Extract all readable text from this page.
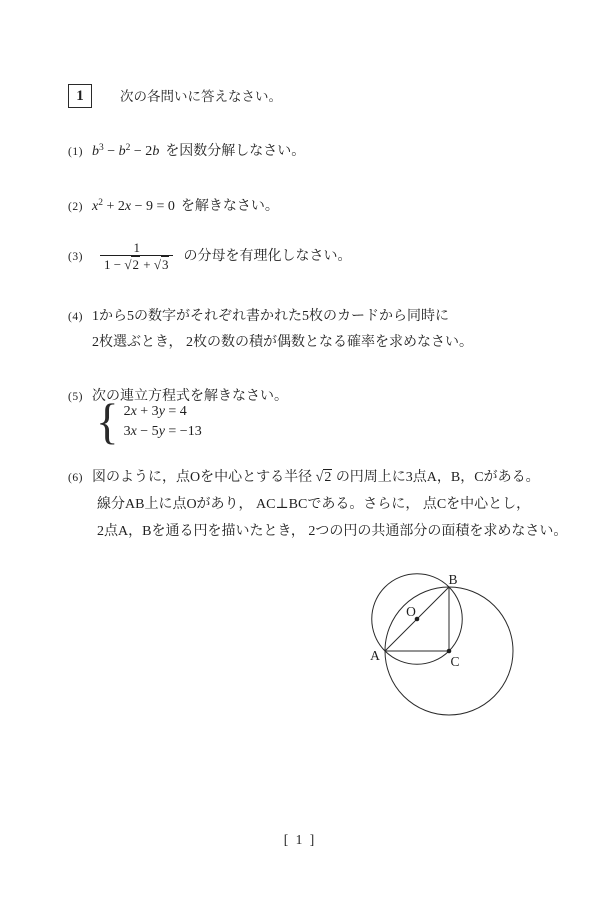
1	次の各問いに答えなさい。
(1) $b^3 - b^2 - 2b$ を因数分解しなさい。
(2) $x^2 + 2x - 9 = 0$ を解きなさい。
(3)	$\frac{1}{1 - √2 + √3}$ の分母を有理化しなさい。
(4) 1から5の数字がそれぞれ書かれた5枚のカードから同時に
2枚選ぶとき， 2枚の数の積が偶数となる確率を求めなさい。
(5) 次の連立方程式を解きなさい。
{ 2x + 3y = 4
3x − 5y = −13
(6) 図のように，点Oを中心とする半径 √2 の円周上に3点A，B，Cがある。
線分AB上に点Oがあり， AC⊥BCである。さらに， 点Cを中心とし，
2点A，Bを通る円を描いたとき， 2つの円の共通部分の面積を求めなさい。
O
A
B
C
[ 1 ]
